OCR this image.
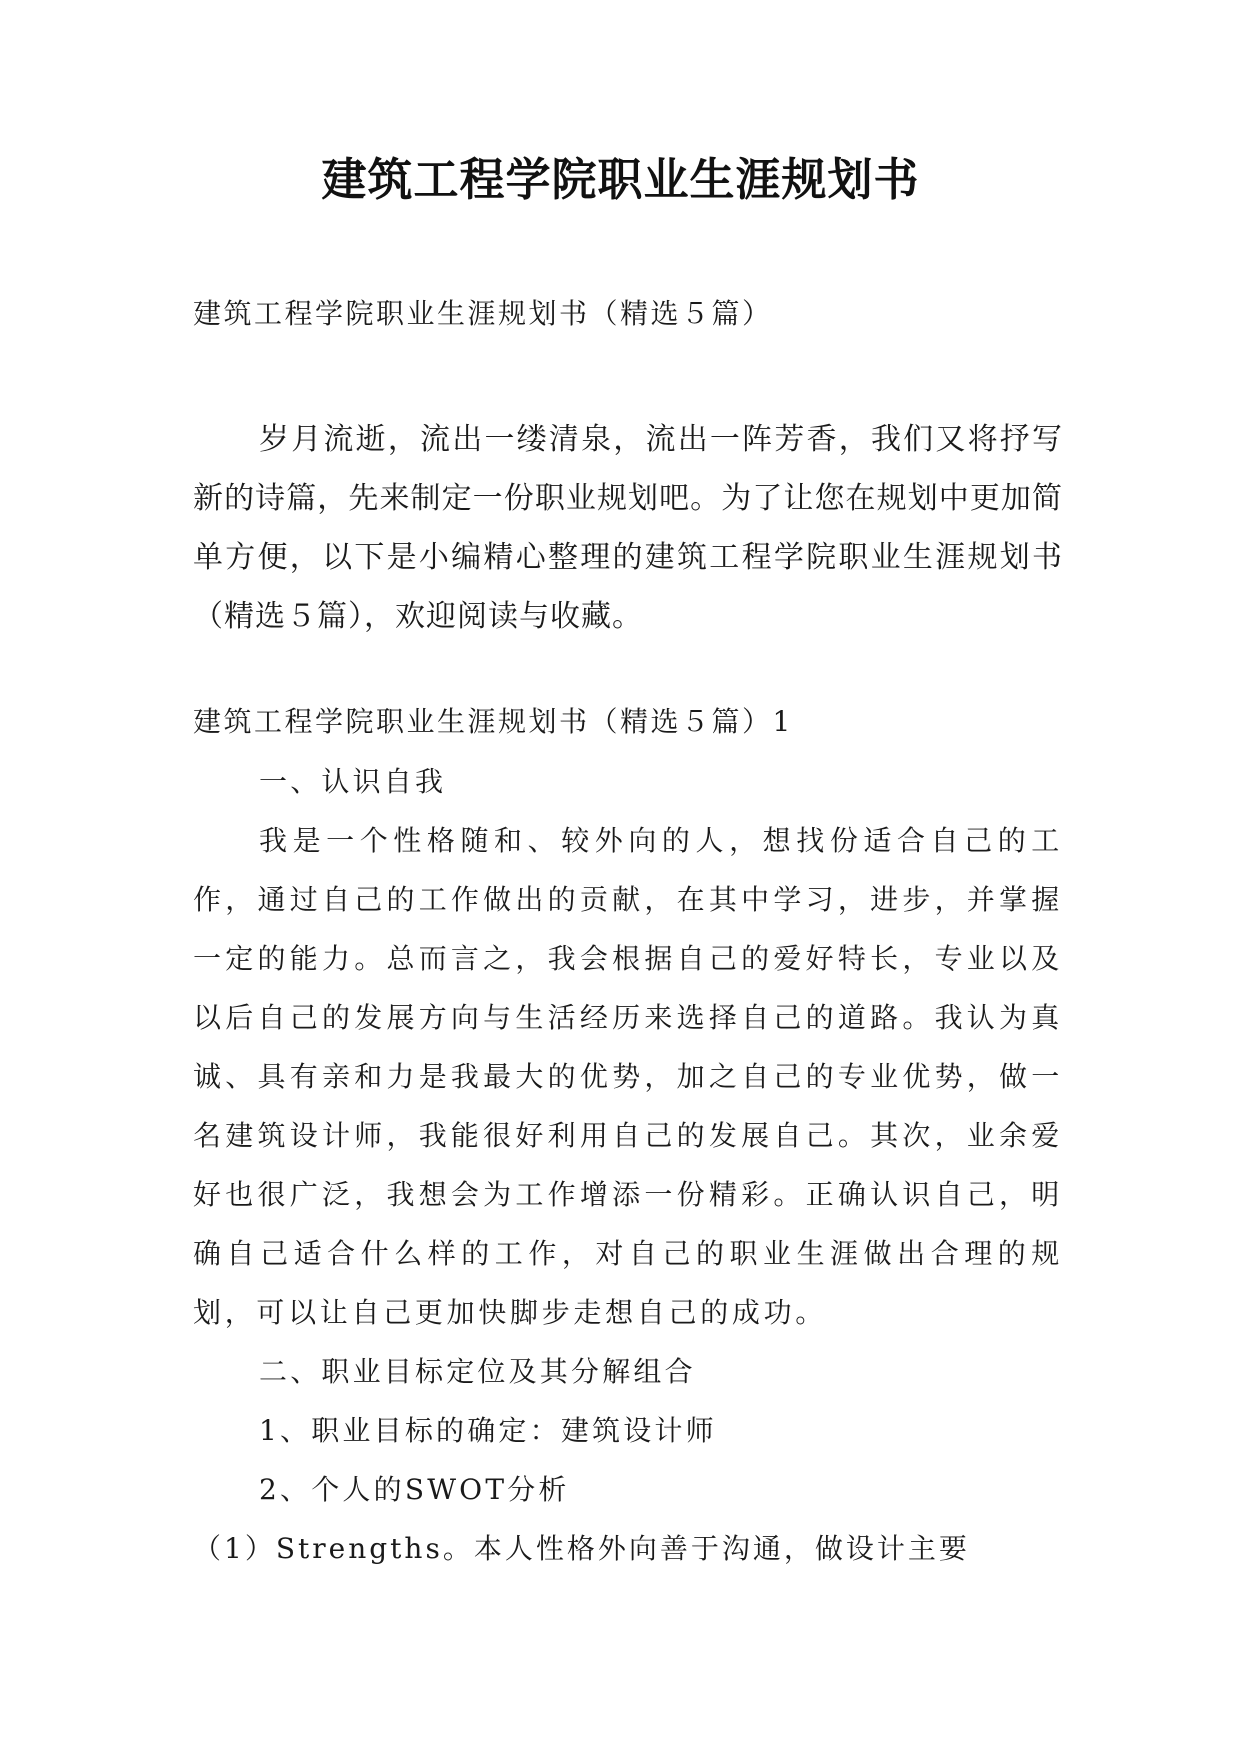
建筑工程学院职业生涯规划书
建筑工程学院职业生涯规划书（精选５篇）

岁月流逝，流出一缕清泉，流出一阵芳香，我们又将抒写新的诗篇，先来制定一份职业规划吧。为了让您在规划中更加简单方便，以下是小编精心整理的建筑工程学院职业生涯规划书（精选５篇），欢迎阅读与收藏。

建筑工程学院职业生涯规划书（精选５篇）1

一、认识自我

我是一个性格随和、较外向的人，想找份适合自己的工作，通过自己的工作做出的贡献，在其中学习，进步，并掌握一定的能力。总而言之，我会根据自己的爱好特长，专业以及以后自己的发展方向与生活经历来选择自己的道路。我认为真诚、具有亲和力是我最大的优势，加之自己的专业优势，做一名建筑设计师，我能很好利用自己的发展自己。其次，业余爱好也很广泛，我想会为工作增添一份精彩。正确认识自己，明确自己适合什么样的工作，对自己的职业生涯做出合理的规划，可以让自己更加快脚步走想自己的成功。

二、职业目标定位及其分解组合

1、职业目标的确定：建筑设计师

2、个人的SWOT分析

（1）Strengths。本人性格外向善于沟通，做设计主要
